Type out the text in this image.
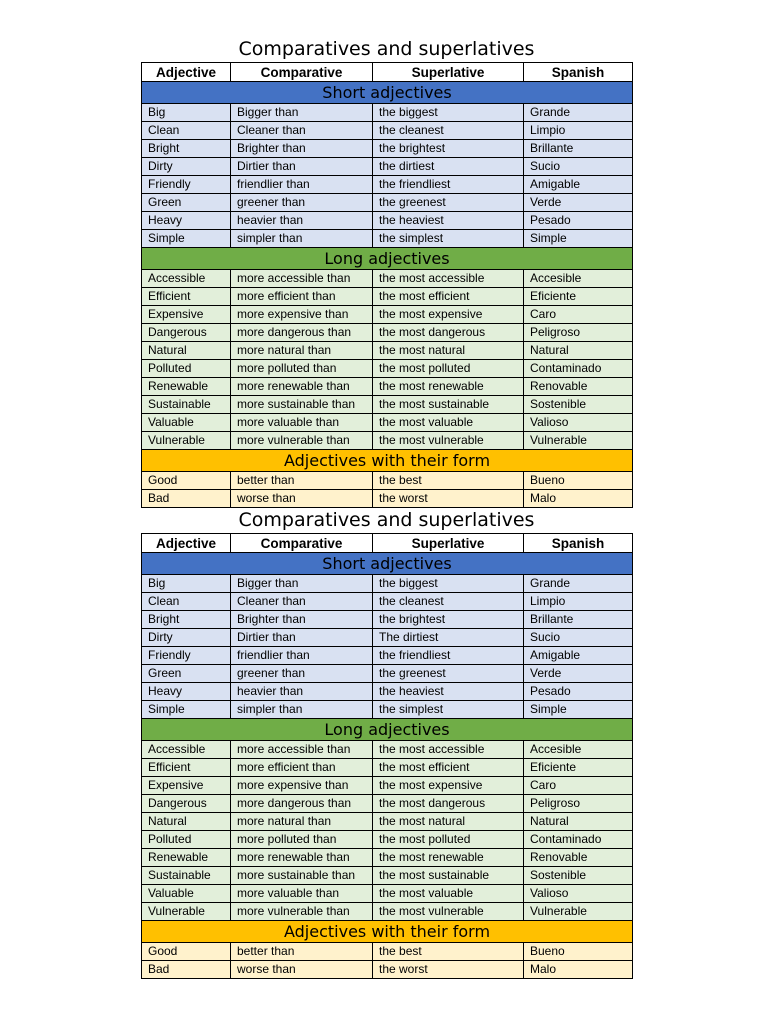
Comparatives and superlatives
Adjective	Comparative	Superlative	Spanish
Short adjectives			
Big	Bigger than	the biggest	Grande
Clean	Cleaner than	the cleanest	Limpio
Bright	Brighter than	the brightest	Brillante
Dirty	Dirtier than	the dirtiest	Sucio
Friendly	friendlier than	the friendliest	Amigable
Green	greener than	the greenest	Verde
Heavy	heavier than	the heaviest	Pesado
Simple	simpler than	the simplest	Simple
Long adjectives			
Accessible	more accessible than	the most accessible	Accesible
Efficient	more efficient than	the most efficient	Eficiente
Expensive	more expensive than	the most expensive	Caro
Dangerous	more dangerous than	the most dangerous	Peligroso
Natural	more natural than	the most natural	Natural
Polluted	more polluted than	the most polluted	Contaminado
Renewable	more renewable than	the most renewable	Renovable
Sustainable	more sustainable than	the most sustainable	Sostenible
Valuable	more valuable than	the most valuable	Valioso
Vulnerable	more vulnerable than	the most vulnerable	Vulnerable
Adjectives with their form			
Good	better than	the best	Bueno
Bad	worse than	the worst	Malo
Comparatives and superlatives
Adjective	Comparative	Superlative	Spanish
Short adjectives			
Big	Bigger than	the biggest	Grande
Clean	Cleaner than	the cleanest	Limpio
Bright	Brighter than	the brightest	Brillante
Dirty	Dirtier than	The dirtiest	Sucio
Friendly	friendlier than	the friendliest	Amigable
Green	greener than	the greenest	Verde
Heavy	heavier than	the heaviest	Pesado
Simple	simpler than	the simplest	Simple
Long adjectives			
Accessible	more accessible than	the most accessible	Accesible
Efficient	more efficient than	the most efficient	Eficiente
Expensive	more expensive than	the most expensive	Caro
Dangerous	more dangerous than	the most dangerous	Peligroso
Natural	more natural than	the most natural	Natural
Polluted	more polluted than	the most polluted	Contaminado
Renewable	more renewable than	the most renewable	Renovable
Sustainable	more sustainable than	the most sustainable	Sostenible
Valuable	more valuable than	the most valuable	Valioso
Vulnerable	more vulnerable than	the most vulnerable	Vulnerable
Adjectives with their form			
Good	better than	the best	Bueno
Bad	worse than	the worst	Malo
